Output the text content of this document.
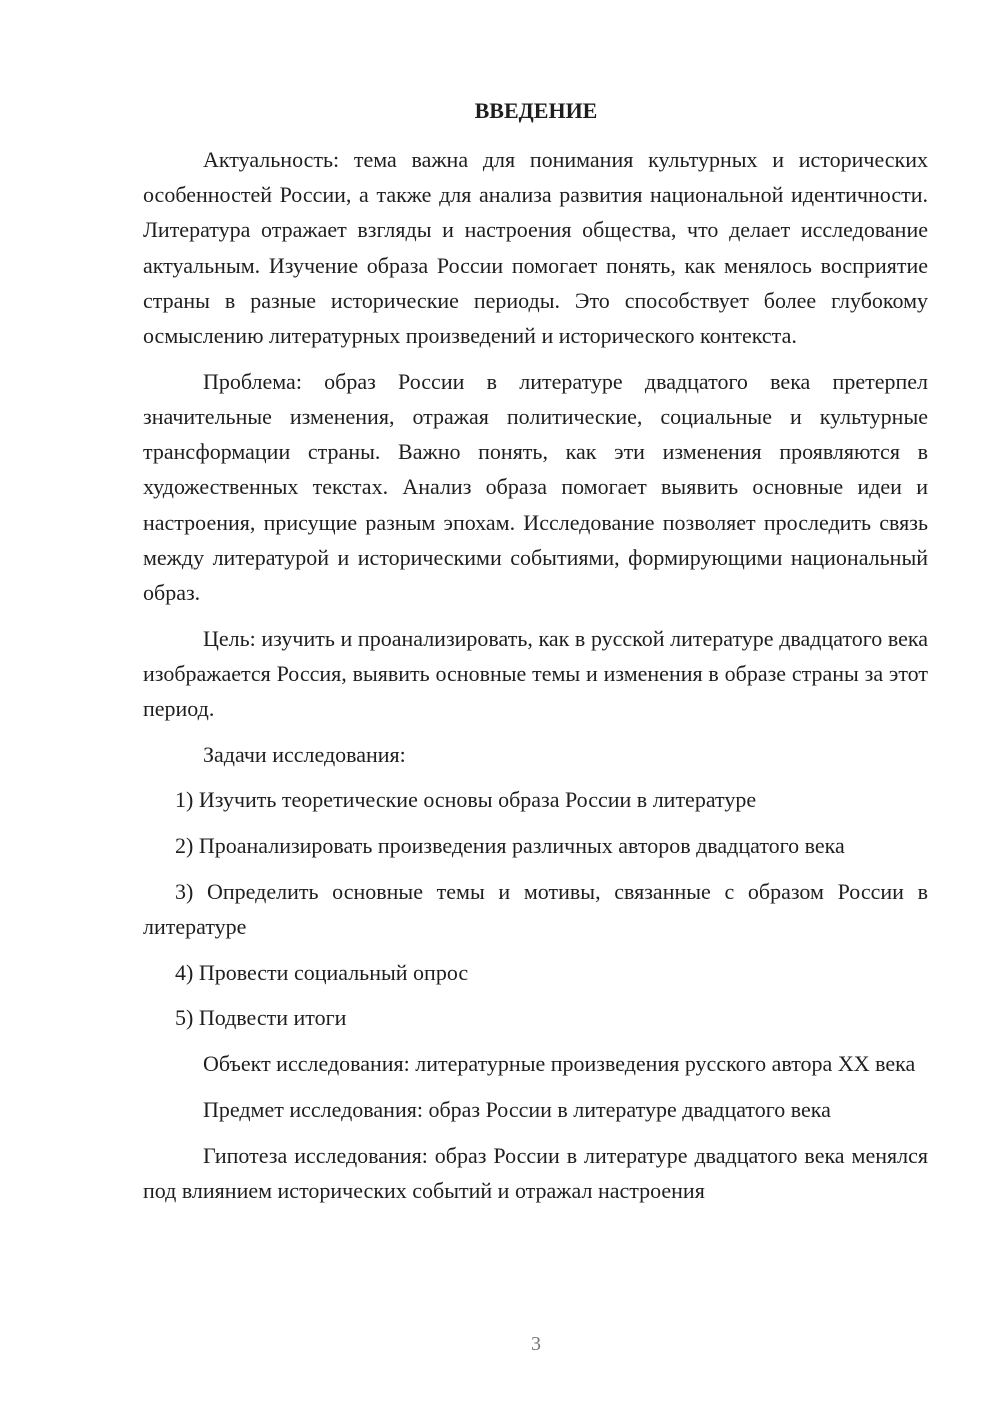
ВВЕДЕНИЕ

Актуальность: тема важна для понимания культурных и исторических особенностей России, а также для анализа развития национальной идентичности. Литература отражает взгляды и настроения общества, что делает исследование актуальным. Изучение образа России помогает понять, как менялось восприятие страны в разные исторические периоды. Это способствует более глубокому осмыслению литературных произведений и исторического контекста.

Проблема: образ России в литературе двадцатого века претерпел значительные изменения, отражая политические, социальные и культурные трансформации страны. Важно понять, как эти изменения проявляются в художественных текстах. Анализ образа помогает выявить основные идеи и настроения, присущие разным эпохам. Исследование позволяет проследить связь между литературой и историческими событиями, формирующими национальный образ.

Цель: изучить и проанализировать, как в русской литературе двадцатого века изображается Россия, выявить основные темы и изменения в образе страны за этот период.

Задачи исследования:

1) Изучить теоретические основы образа России в литературе

2) Проанализировать произведения различных авторов двадцатого века

3) Определить основные темы и мотивы, связанные с образом России в литературе

4) Провести социальный опрос

5) Подвести итоги

Объект исследования: литературные произведения русского автора XX века

Предмет исследования: образ России в литературе двадцатого века

Гипотеза исследования: образ России в литературе двадцатого века менялся под влиянием исторических событий и отражал настроения

3
